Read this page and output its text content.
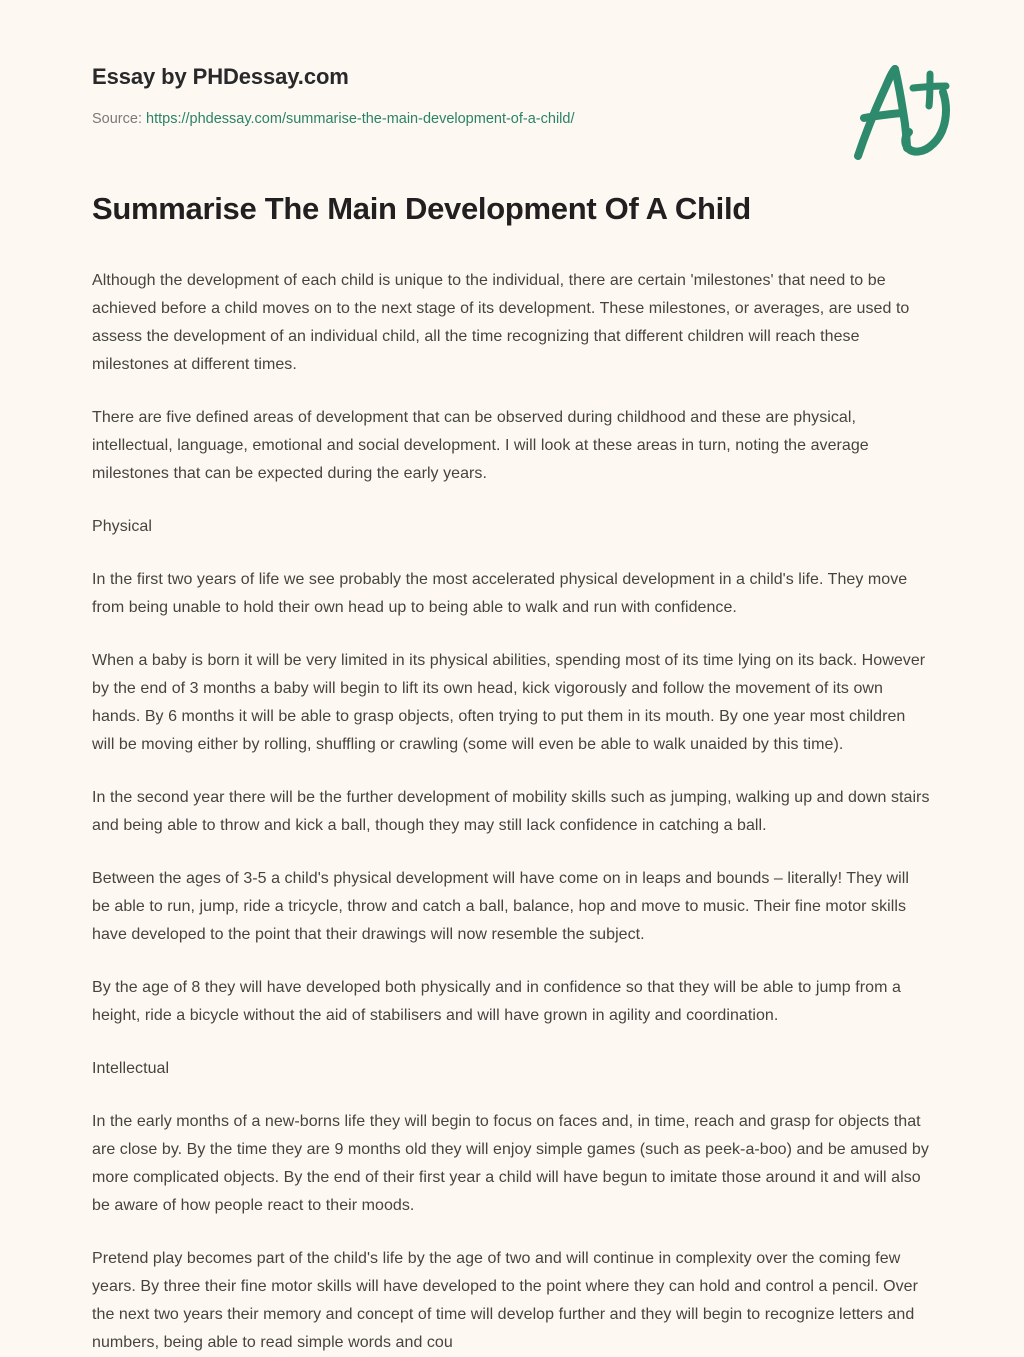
Essay by PHDessay.com
Source: https://phdessay.com/summarise-the-main-development-of-a-child/
Summarise The Main Development Of A Child

Although the development of each child is unique to the individual, there are certain 'milestones' that need to be achieved before a child moves on to the next stage of its development. These milestones, or averages, are used to assess the development of an individual child, all the time recognizing that different children will reach these milestones at different times.

There are five defined areas of development that can be observed during childhood and these are physical, intellectual, language, emotional and social development. I will look at these areas in turn, noting the average milestones that can be expected during the early years.

Physical

In the first two years of life we see probably the most accelerated physical development in a child's life. They move from being unable to hold their own head up to being able to walk and run with confidence.

When a baby is born it will be very limited in its physical abilities, spending most of its time lying on its back. However by the end of 3 months a baby will begin to lift its own head, kick vigorously and follow the movement of its own hands. By 6 months it will be able to grasp objects, often trying to put them in its mouth. By one year most children will be moving either by rolling, shuffling or crawling (some will even be able to walk unaided by this time).

In the second year there will be the further development of mobility skills such as jumping, walking up and down stairs and being able to throw and kick a ball, though they may still lack confidence in catching a ball.

Between the ages of 3-5 a child's physical development will have come on in leaps and bounds – literally! They will be able to run, jump, ride a tricycle, throw and catch a ball, balance, hop and move to music. Their fine motor skills have developed to the point that their drawings will now resemble the subject.

By the age of 8 they will have developed both physically and in confidence so that they will be able to jump from a height, ride a bicycle without the aid of stabilisers and will have grown in agility and coordination.

Intellectual

In the early months of a new-borns life they will begin to focus on faces and, in time, reach and grasp for objects that are close by. By the time they are 9 months old they will enjoy simple games (such as peek-a-boo) and be amused by more complicated objects. By the end of their first year a child will have begun to imitate those around it and will also be aware of how people react to their moods.

Pretend play becomes part of the child's life by the age of two and will continue in complexity over the coming few years. By three their fine motor skills will have developed to the point where they can hold and control a pencil. Over the next two years their memory and concept of time will develop further and they will begin to recognize letters and numbers, being able to read simple words and cou
